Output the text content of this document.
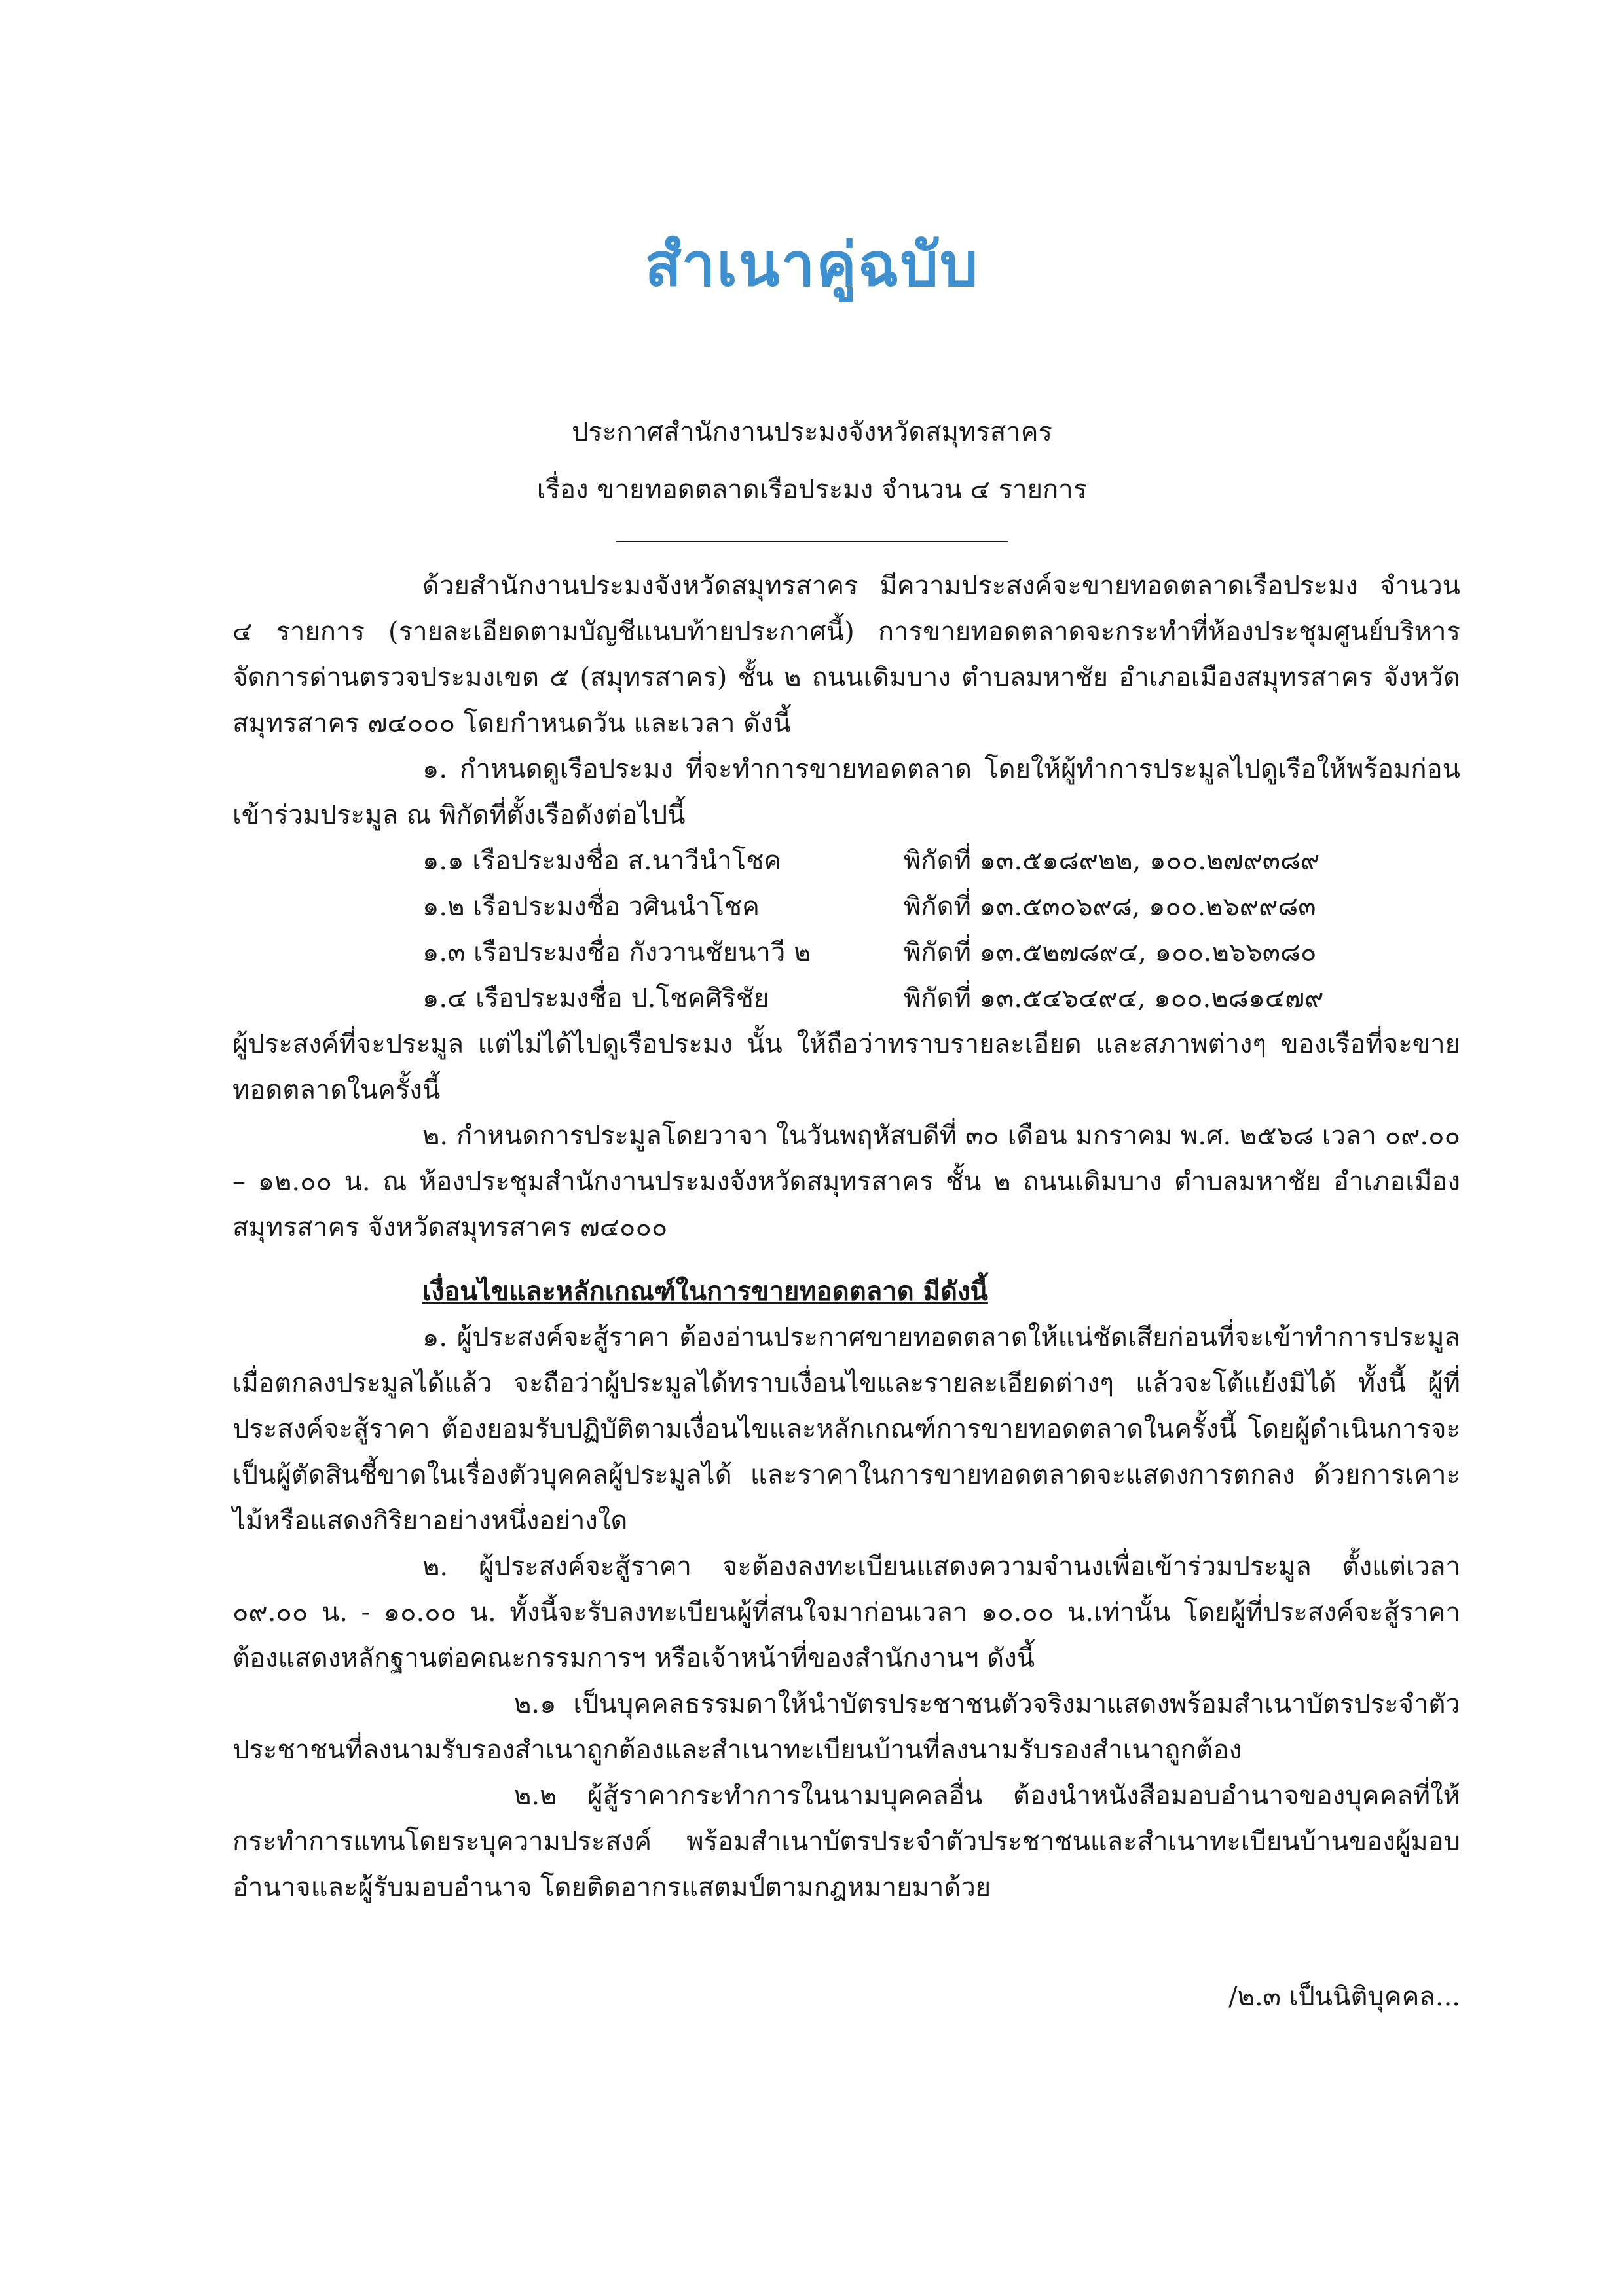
สำเนาคู่ฉบับ
ประกาศสำนักงานประมงจังหวัดสมุทรสาคร
เรื่อง ขายทอดตลาดเรือประมง จำนวน ๔ รายการ

ด้วยสำนักงานประมงจังหวัดสมุทรสาคร มีความประสงค์จะขายทอดตลาดเรือประมง จำนวน ๔ รายการ (รายละเอียดตามบัญชีแนบท้ายประกาศนี้) การขายทอดตลาดจะกระทำที่ห้องประชุมศูนย์บริหารจัดการด่านตรวจประมงเขต ๕ (สมุทรสาคร) ชั้น ๒ ถนนเดิมบาง ตำบลมหาชัย อำเภอเมืองสมุทรสาคร จังหวัดสมุทรสาคร ๗๔๐๐๐ โดยกำหนดวัน และเวลา ดังนี้

๑. กำหนดดูเรือประมง ที่จะทำการขายทอดตลาด โดยให้ผู้ทำการประมูลไปดูเรือให้พร้อมก่อนเข้าร่วมประมูล ณ พิกัดที่ตั้งเรือดังต่อไปนี้

๑.๑ เรือประมงชื่อ ส.นาวีนำโชค	พิกัดที่ ๑๓.๕๑๘๙๒๒, ๑๐๐.๒๗๙๓๘๙
๑.๒ เรือประมงชื่อ วศินนำโชค	พิกัดที่ ๑๓.๕๓๐๖๙๘, ๑๐๐.๒๖๙๙๘๓
๑.๓ เรือประมงชื่อ กังวานชัยนาวี ๒	พิกัดที่ ๑๓.๕๒๗๘๙๔, ๑๐๐.๒๖๖๓๘๐
๑.๔ เรือประมงชื่อ ป.โชคศิริชัย	พิกัดที่ ๑๓.๕๔๖๔๙๔, ๑๐๐.๒๘๑๔๗๙

ผู้ประสงค์ที่จะประมูล แต่ไม่ได้ไปดูเรือประมง นั้น ให้ถือว่าทราบรายละเอียด และสภาพต่างๆ ของเรือที่จะขายทอดตลาดในครั้งนี้

๒. กำหนดการประมูลโดยวาจา ในวันพฤหัสบดีที่ ๓๐ เดือน มกราคม พ.ศ. ๒๕๖๘ เวลา ๐๙.๐๐ – ๑๒.๐๐ น. ณ ห้องประชุมสำนักงานประมงจังหวัดสมุทรสาคร ชั้น ๒ ถนนเดิมบาง ตำบลมหาชัย อำเภอเมืองสมุทรสาคร จังหวัดสมุทรสาคร ๗๔๐๐๐

เงื่อนไขและหลักเกณฑ์ในการขายทอดตลาด มีดังนี้

๑. ผู้ประสงค์จะสู้ราคา ต้องอ่านประกาศขายทอดตลาดให้แน่ชัดเสียก่อนที่จะเข้าทำการประมูล เมื่อตกลงประมูลได้แล้ว จะถือว่าผู้ประมูลได้ทราบเงื่อนไขและรายละเอียดต่างๆ แล้วจะโต้แย้งมิได้ ทั้งนี้ ผู้ที่ประสงค์จะสู้ราคา ต้องยอมรับปฏิบัติตามเงื่อนไขและหลักเกณฑ์การขายทอดตลาดในครั้งนี้ โดยผู้ดำเนินการจะเป็นผู้ตัดสินชี้ขาดในเรื่องตัวบุคคลผู้ประมูลได้ และราคาในการขายทอดตลาดจะแสดงการตกลง ด้วยการเคาะไม้หรือแสดงกิริยาอย่างหนึ่งอย่างใด

๒. ผู้ประสงค์จะสู้ราคา จะต้องลงทะเบียนแสดงความจำนงเพื่อเข้าร่วมประมูล ตั้งแต่เวลา ๐๙.๐๐ น. - ๑๐.๐๐ น. ทั้งนี้จะรับลงทะเบียนผู้ที่สนใจมาก่อนเวลา ๑๐.๐๐ น.เท่านั้น โดยผู้ที่ประสงค์จะสู้ราคาต้องแสดงหลักฐานต่อคณะกรรมการฯ หรือเจ้าหน้าที่ของสำนักงานฯ ดังนี้

๒.๑ เป็นบุคคลธรรมดาให้นำบัตรประชาชนตัวจริงมาแสดงพร้อมสำเนาบัตรประจำตัวประชาชนที่ลงนามรับรองสำเนาถูกต้องและสำเนาทะเบียนบ้านที่ลงนามรับรองสำเนาถูกต้อง

๒.๒ ผู้สู้ราคากระทำการในนามบุคคลอื่น ต้องนำหนังสือมอบอำนาจของบุคคลที่ให้กระทำการแทนโดยระบุความประสงค์ พร้อมสำเนาบัตรประจำตัวประชาชนและสำเนาทะเบียนบ้านของผู้มอบอำนาจและผู้รับมอบอำนาจ โดยติดอากรแสตมป์ตามกฎหมายมาด้วย

/๒.๓ เป็นนิติบุคคล...
